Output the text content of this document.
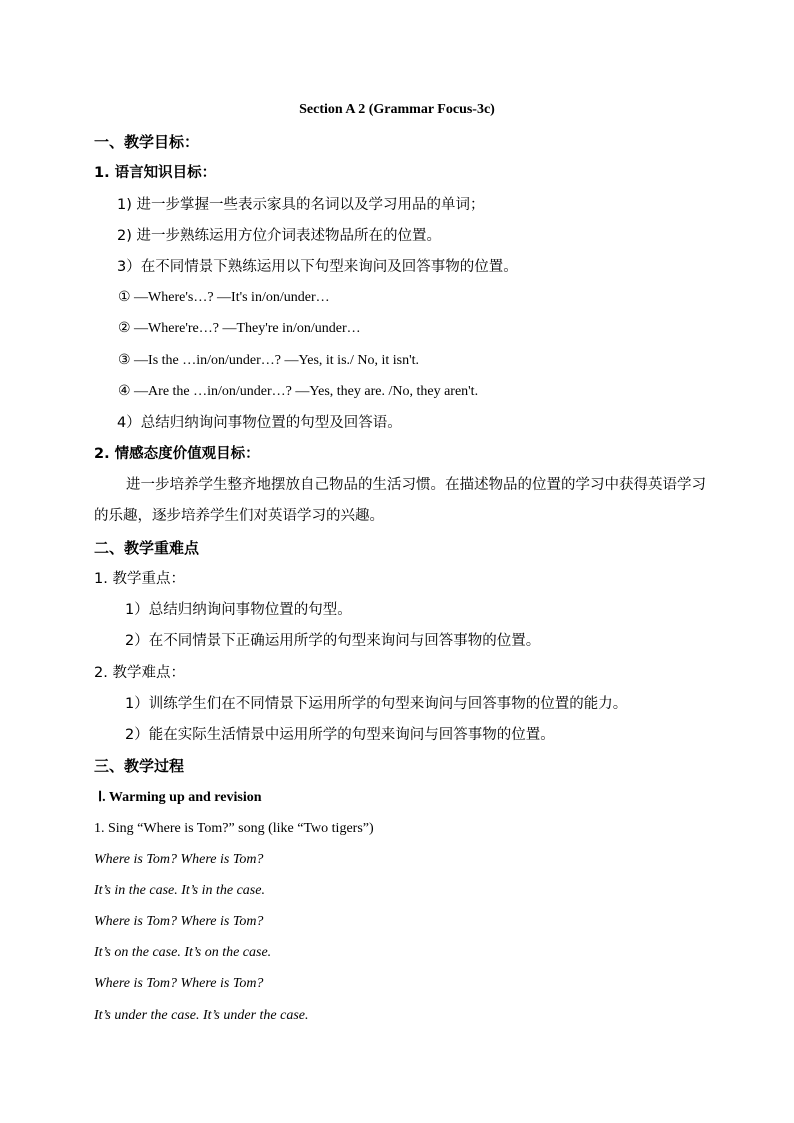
Section A 2 (Grammar Focus-3c)
一、教学目标：
1. 语言知识目标：
1) 进一步掌握一些表示家具的名词以及学习用品的单词；
2) 进一步熟练运用方位介词表述物品所在的位置。
3）在不同情景下熟练运用以下句型来询问及回答事物的位置。
① —Where's…? —It's in/on/under…
② —Where're…? —They're in/on/under…
③ —Is the …in/on/under…? —Yes, it is./ No, it isn't.
④ —Are the …in/on/under…? —Yes, they are. /No, they aren't.
4）总结归纳询问事物位置的句型及回答语。
2. 情感态度价值观目标：
进一步培养学生整齐地摆放自己物品的生活习惯。在描述物品的位置的学习中获得英语学习的乐趣，逐步培养学生们对英语学习的兴趣。
二、教学重难点
1. 教学重点：
1）总结归纳询问事物位置的句型。
2）在不同情景下正确运用所学的句型来询问与回答事物的位置。
2. 教学难点：
1）训练学生们在不同情景下运用所学的句型来询问与回答事物的位置的能力。
2）能在实际生活情景中运用所学的句型来询问与回答事物的位置。
三、教学过程
Ⅰ. Warming up and revision
1. Sing “Where is Tom?” song (like “Two tigers”)
Where is Tom? Where is Tom?
It’s in the case. It’s in the case.
Where is Tom? Where is Tom?
It’s on the case. It’s on the case.
Where is Tom? Where is Tom?
It’s under the case. It’s under the case.
